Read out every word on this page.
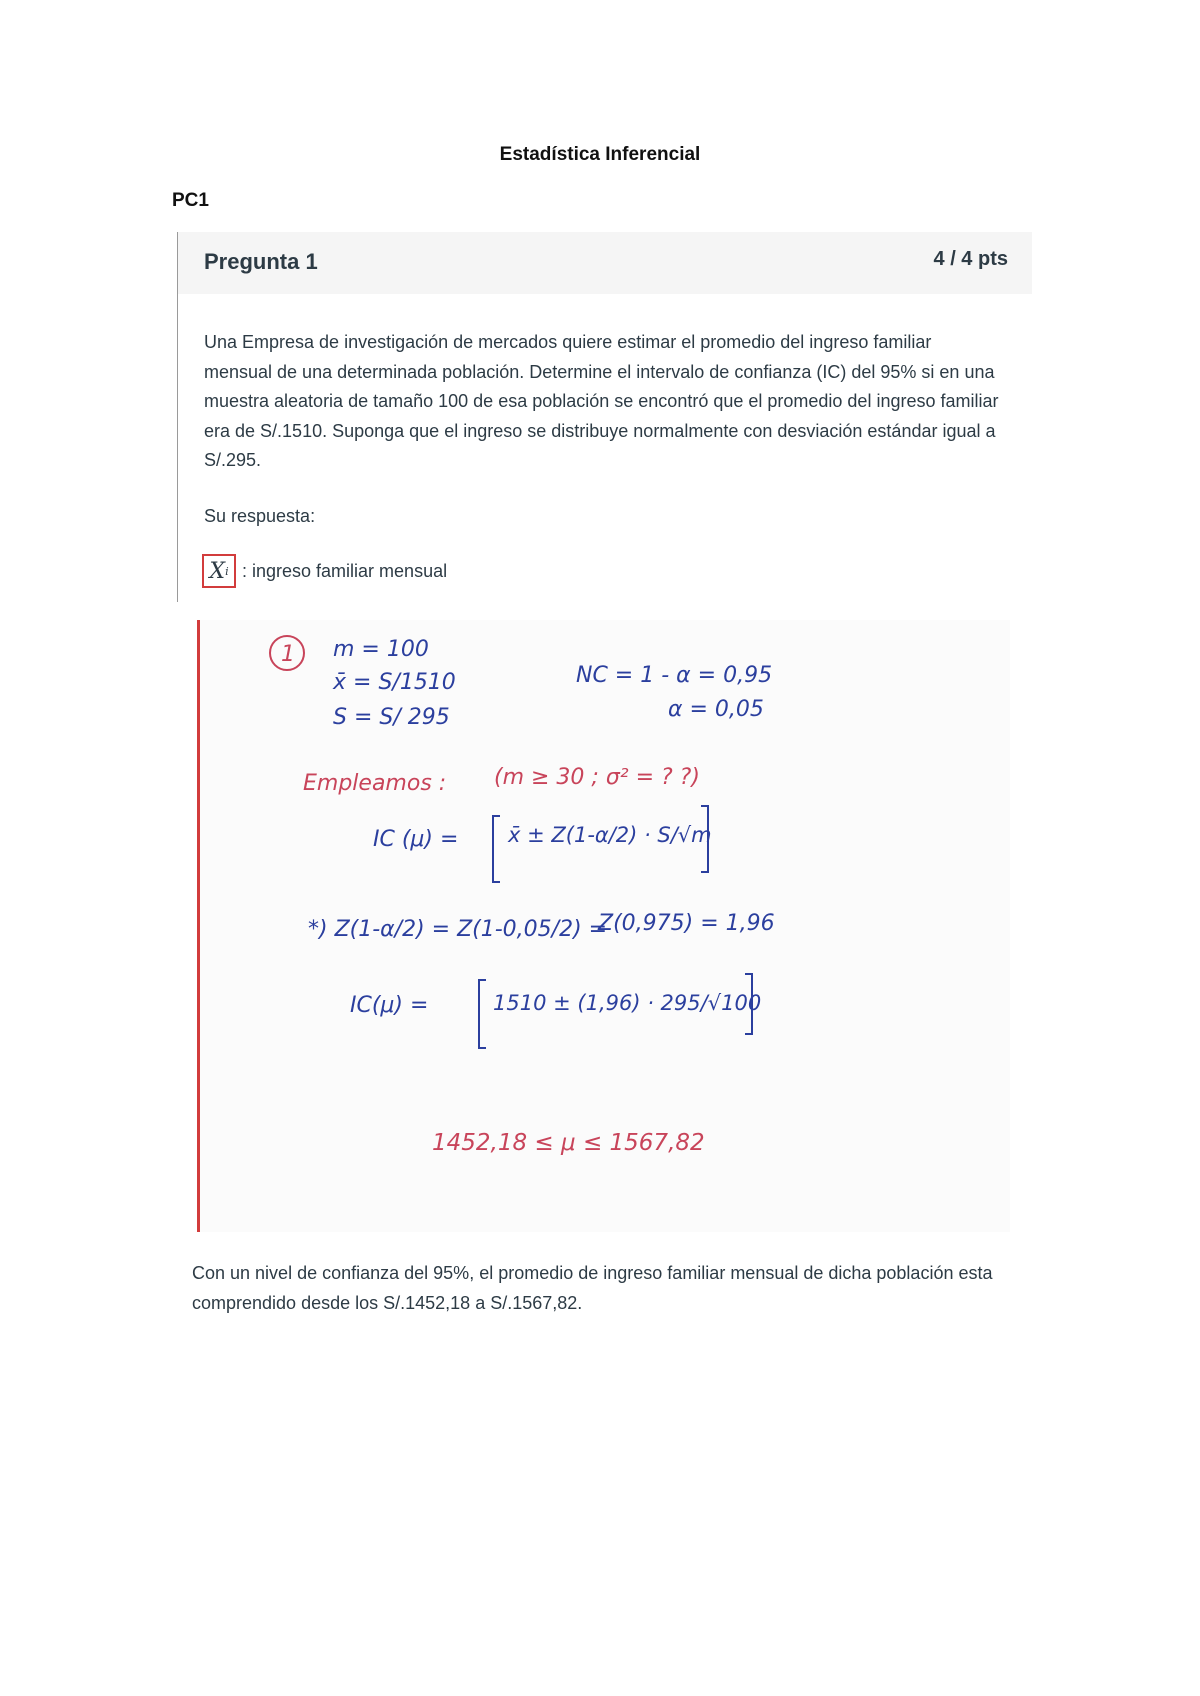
Estadística Inferencial
PC1
Pregunta 1	4 / 4 pts
Una Empresa de investigación de mercados quiere estimar el promedio del ingreso familiar mensual de una determinada población. Determine el intervalo de confianza (IC) del 95% si en una muestra aleatoria de tamaño 100 de esa población se encontró que el promedio del ingreso familiar era de S/.1510. Suponga que el ingreso se distribuye normalmente con desviación estándar igual a S/.295.
Su respuesta:
X i : ingreso familiar mensual
1 m = 100
x̄ = S/1510
S = S/ 295
NC = 1 - α = 0,95
α = 0,05
Empleamos : (m ≥ 30 ; σ² = ? ?)
IC (μ) = x̄ ± Z(1-α/2) · S/√m
*) Z(1-α/2) = Z(1-0,05/2) =
Z(0,975) = 1,96
IC(μ) =	1510 ± (1,96) · 295/√100
1452,18 ≤ μ ≤ 1567,82
Con un nivel de confianza del 95%, el promedio de ingreso familiar mensual de dicha población esta comprendido desde los S/.1452,18 a S/.1567,82.
